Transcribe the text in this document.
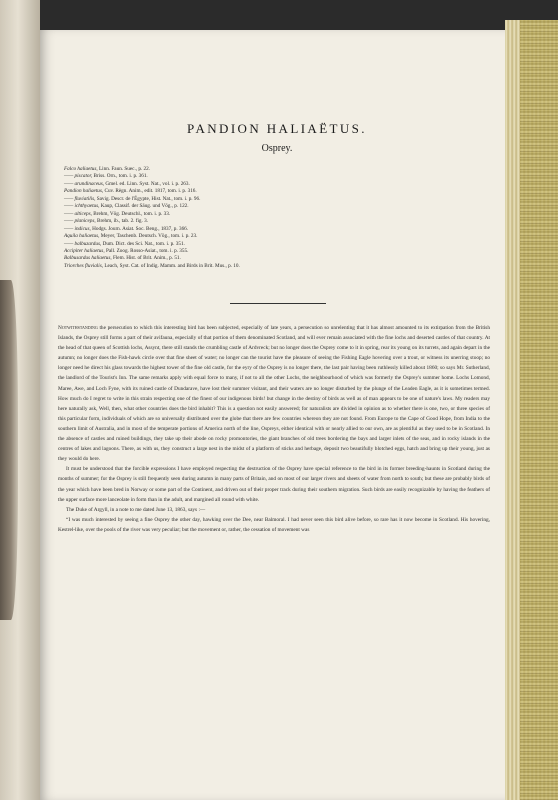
PANDION HALIAËTUS.
Osprey.
Falco haliaetus, Linn. Faun. Suec., p. 22.
—— piscator, Briss. Orn., tom. i. p. 361.
—— arundinaceus, Gmel. ed. Linn. Syst. Nat., vol. i. p. 263.
Pandion haliaetus, Cuv. Règn. Anim., edit. 1817, tom. i. p. 316.
—— fluviatilis, Savig. Descr. de l'Égypte, Hist. Nat., tom. i. p. 96.
—— ichthyaetus, Kaup, Classif. der Säug. und Vög., p. 122.
—— alticeps, Brehm, Vög. Deutschl., tom. i. p. 33.
—— planiceps, Brehm, ib., tab. 2. fig. 3.
—— indicus, Hodgs. Journ. Asiat. Soc. Beng., 1837, p. 366.
Aquila haliaetus, Meyer, Taschenb. Deutsch. Vög., tom. i. p. 23.
—— balbuzardus, Dum. Dict. des Sci. Nat., tom. i. p. 351.
Accipiter haliaetus, Pall. Zoog. Rosso-Asiat., tom. i. p. 355.
Balbusardus haliaetus, Flem. Hist. of Brit. Anim., p. 51.
Triorches fluvialis, Leach, Syst. Cat. of Indig. Mamm. and Birds in Brit. Mus., p. 10.

Notwithstanding the persecution to which this interesting bird has been subjected, especially of late years, a persecution so unrelenting that it has almost amounted to its extirpation from the British Islands, the Osprey still forms a part of their avifauna, especially of that portion of them denominated Scotland, and will ever remain associated with the fine lochs and deserted castles of that country. At the head of that queen of Scottish lochs, Assynt, there still stands the crumbling castle of Ardvreck; but no longer does the Osprey come to it in spring, rear its young on its turrets, and again depart in the autumn; no longer does the Fish-hawk circle over that fine sheet of water; no longer can the tourist have the pleasure of seeing the Fishing Eagle hovering over a trout, or witness its unerring stoop; no longer need he direct his glass towards the highest tower of the fine old castle, for the eyry of the Osprey is no longer there, the last pair having been ruthlessly killed about 1860; so says Mr. Sutherland, the landlord of the Tourist's Inn. The same remarks apply with equal force to many, if not to all the other Lochs, the neighbourhood of which was formerly the Osprey's summer home. Lochs Lomond, Maree, Awe, and Loch Fyne, with its ruined castle of Dundarave, have lost their summer visitant, and their waters are no longer disturbed by the plunge of the Leaden Eagle, as it is sometimes termed. How much do I regret to write in this strain respecting one of the finest of our indigenous birds! but change in the destiny of birds as well as of man appears to be one of nature's laws. My readers may here naturally ask, Well, then, what other countries does the bird inhabit? This is a question not easily answered; for naturalists are divided in opinion as to whether there is one, two, or three species of this particular form, individuals of which are so universally distributed over the globe that there are few countries whereon they are not found. From Europe to the Cape of Good Hope, from India to the southern limit of Australia, and in most of the temperate portions of America north of the line, Ospreys, either identical with or nearly allied to our own, are as plentiful as they used to be in Scotland. In the absence of castles and ruined buildings, they take up their abode on rocky promontories, the giant branches of old trees bordering the bays and larger inlets of the seas, and in rocky islands in the centres of lakes and lagoons. There, as with us, they construct a large nest in the midst of a platform of sticks and herbage, deposit two beautifully blotched eggs, hatch and bring up their young, just as they would do here.

It must be understood that the forcible expressions I have employed respecting the destruction of the Osprey have special reference to the bird in its former breeding-haunts in Scotland during the months of summer; for the Osprey is still frequently seen during autumn in many parts of Britain, and on most of our larger rivers and sheets of water from north to south; but these are probably birds of the year which have been bred in Norway or some part of the Continent, and driven out of their proper track during their southern migration. Such birds are easily recognizable by having the feathers of the upper surface more lanceolate in form than in the adult, and margined all round with white.

The Duke of Argyll, in a note to me dated June 13, 1863, says :—

“I was much interested by seeing a fine Osprey the other day, hawking over the Dee, near Balmoral. I had never seen this bird alive before, so rare has it now become in Scotland. His hovering, Kestrel-like, over the pools of the river was very peculiar; but the movement or, rather, the cessation of movement was
